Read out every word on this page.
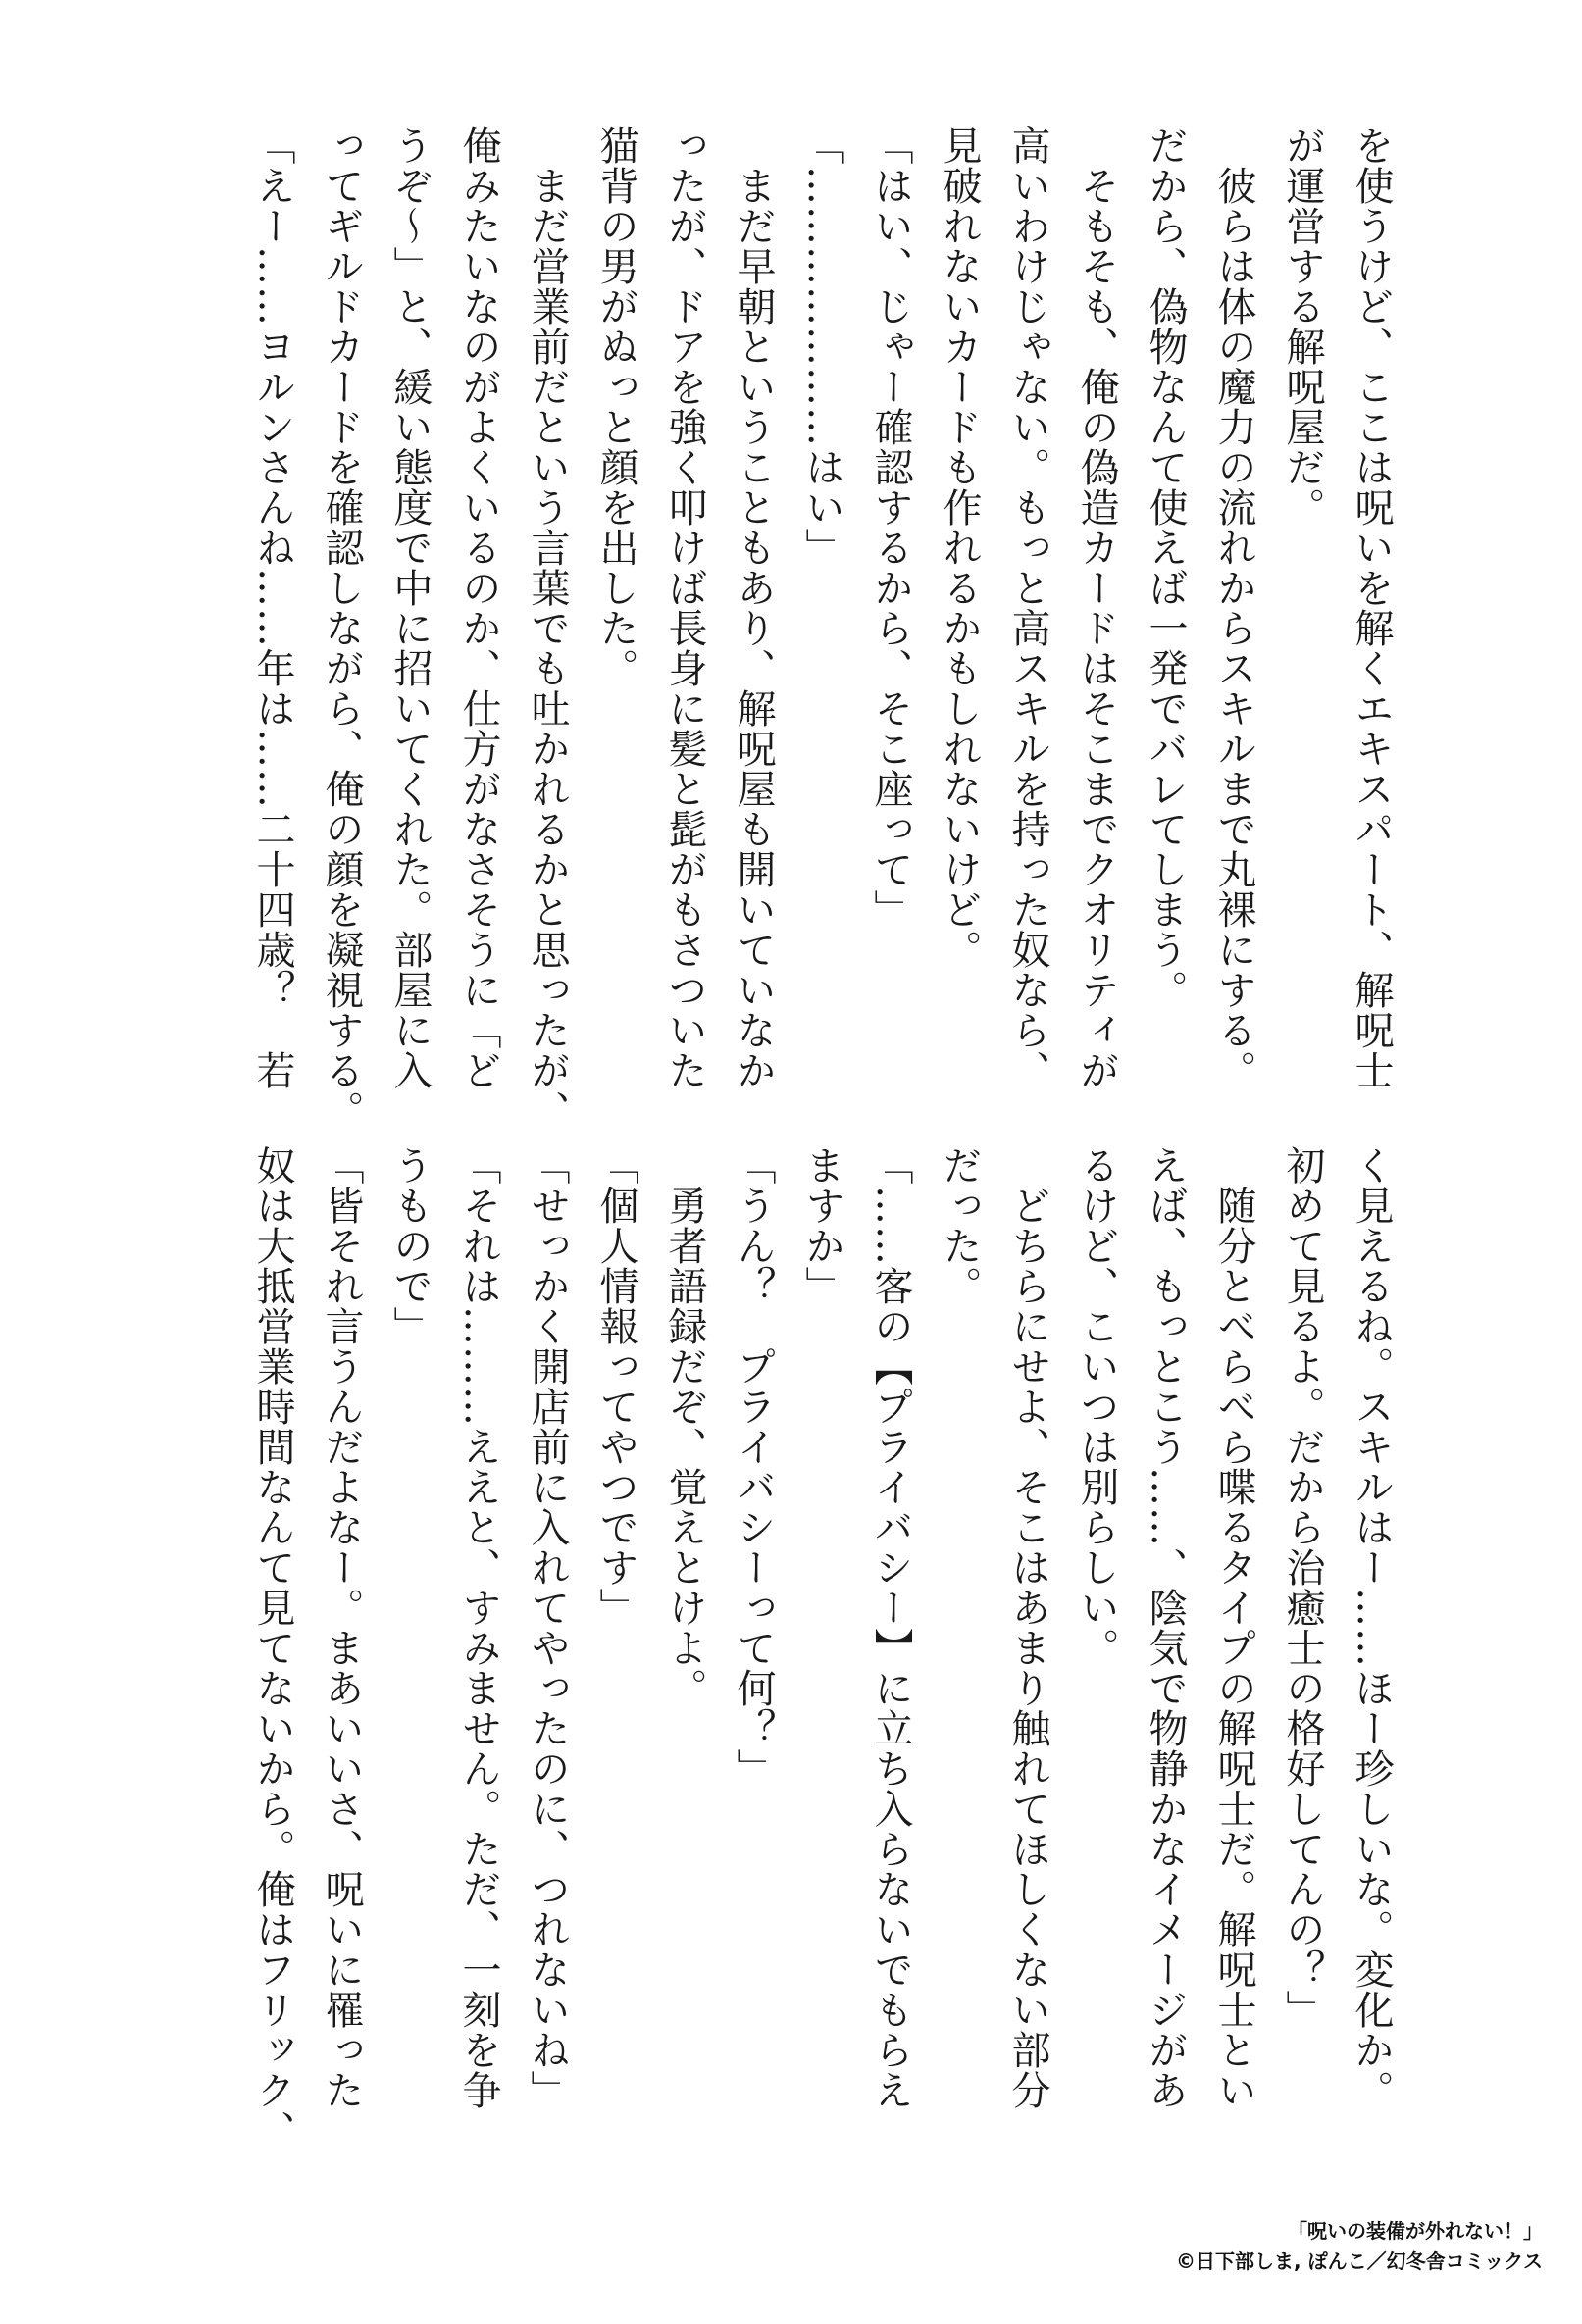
を使うけど、ここは呪いを解くエキスパート、解呪士
が運営する解呪屋だ。
　彼らは体の魔力の流れからスキルまで丸裸にする。
だから、偽物なんて使えば一発でバレてしまう。
　そもそも、俺の偽造カードはそこまでクオリティが
高いわけじゃない。もっと高スキルを持った奴なら、
見破れないカードも作れるかもしれないけど。
「はい、じゃー確認するから、そこ座って」
「…………………はい」
　まだ早朝ということもあり、解呪屋も開いていなか
ったが、ドアを強く叩けば長身に髪と髭がもさついた
猫背の男がぬっと顔を出した。
　まだ営業前だという言葉でも吐かれるかと思ったが、
俺みたいなのがよくいるのか、仕方がなさそうに「ど
うぞ～」と、緩い態度で中に招いてくれた。部屋に入
ってギルドカードを確認しながら、俺の顔を凝視する。
「えー……ヨルンさんね……年は……二十四歳？　若
く見えるね。スキルはー……ほー珍しいな。変化か。
初めて見るよ。だから治癒士の格好してんの？」
　随分とべらべら喋るタイプの解呪士だ。解呪士とい
えば、もっとこう……、陰気で物静かなイメージがあ
るけど、こいつは別らしい。
　どちらにせよ、そこはあまり触れてほしくない部分
だった。
「……客の【プライバシー】に立ち入らないでもらえ
ますか」
「うん？　プライバシーって何？」
　勇者語録だぞ、覚えとけよ。
「個人情報ってやつです」
「せっかく開店前に入れてやったのに、つれないね」
「それは………ええと、すみません。ただ、一刻を争
うもので」
「皆それ言うんだよなー。まあいいさ、呪いに罹った
奴は大抵営業時間なんて見てないから。俺はフリック、
「呪いの装備が外れない！」
©日下部しま, ぽんこ／幻冬舎コミックス
